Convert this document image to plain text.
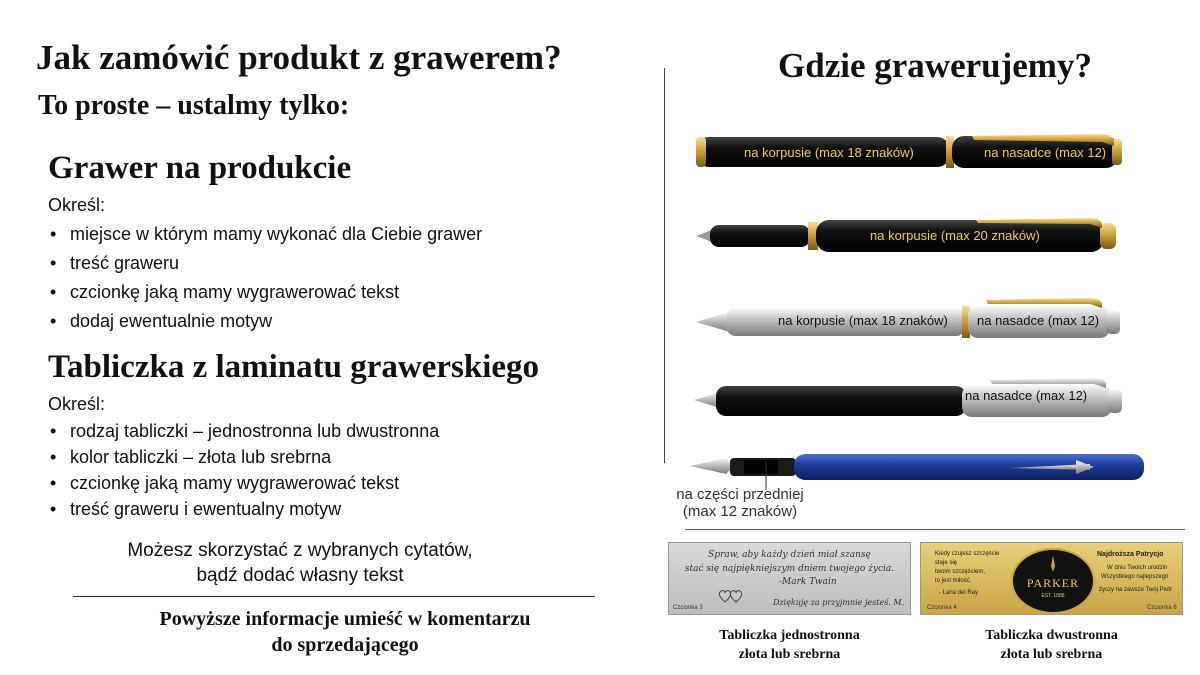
Jak zamówić produkt z grawerem?
To proste – ustalmy tylko:
Grawer na produkcie
Określ:
• miejsce w którym mamy wykonać dla Ciebie grawer
• treść graweru
• czcionkę jaką mamy wygrawerować tekst
• dodaj ewentualnie motyw
Tabliczka z laminatu grawerskiego
Określ:
• rodzaj tabliczki – jednostronna lub dwustronna
• kolor tabliczki – złota lub srebrna
• czcionkę jaką mamy wygrawerować tekst
• treść graweru i ewentualny motyw
Możesz skorzystać z wybranych cytatów,
bądź dodać własny tekst
Powyższe informacje umieść w komentarzu
do sprzedającego
Gdzie grawerujemy?
na korpusie (max 18 znaków)	na nasadce (max 12)
na korpusie (max 20 znaków)
na korpusie (max 18 znaków) na nasadce (max 12)
na nasadce (max 12)
na części przedniej
(max 12 znaków)
Spraw, aby każdy dzień miał szansę
stać się najpiękniejszym dniem twojego życia.
-Mark Twain
Dziękuję za przyjmnie jesteś. M.
Czcionka 3
Tabliczka jednostronna
złota lub srebrna
Kiedy czujesz szczęście
staje się
twoim szczęściem,
to jest miłość.
- Lana del Ray
PARKER
EST. 1888
Najdroższa Patrycjo
W dniu Twoich urodzin
Wszystkiego najlepszego
życzy na zawsze Twój Piotr
Czcionka 4	Czcionka 6
Tabliczka dwustronna
złota lub srebrna
